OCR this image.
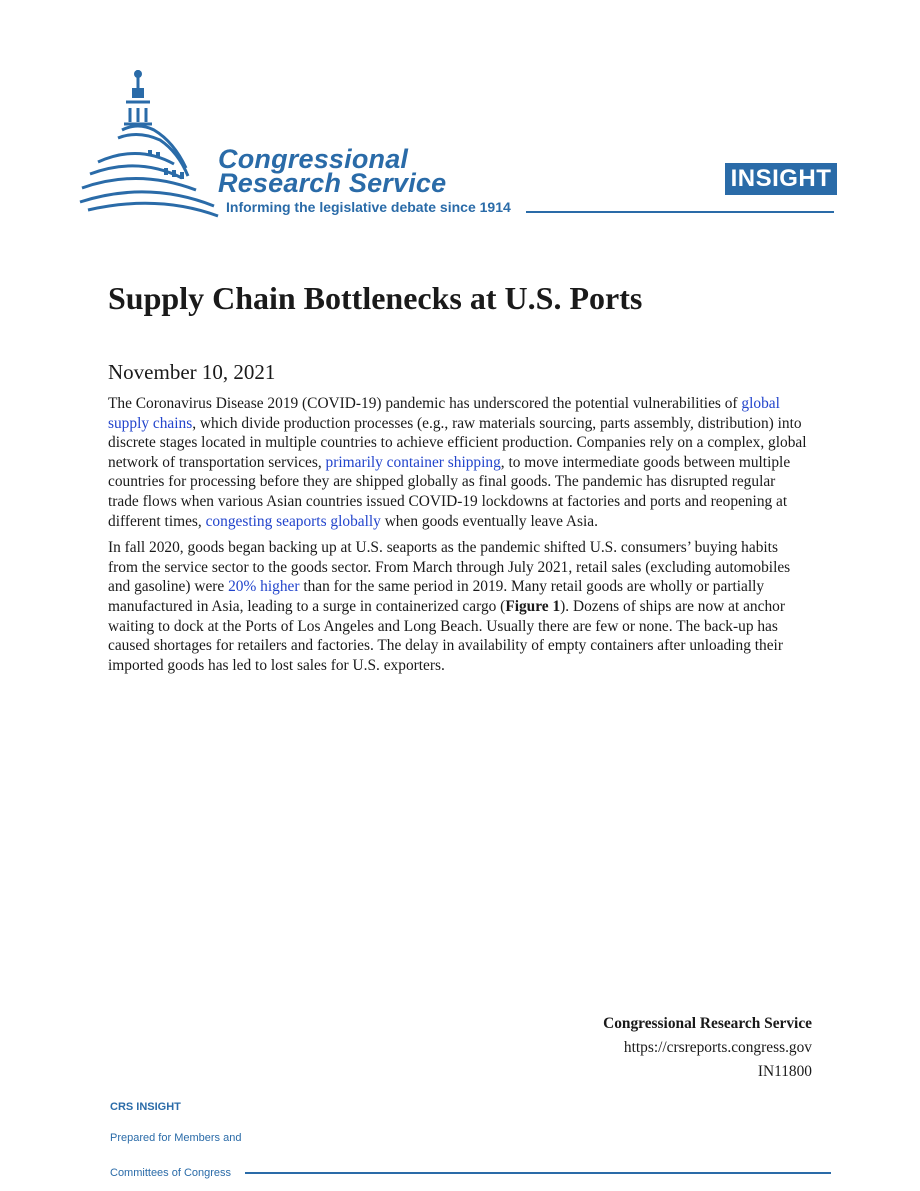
Congressional
Research Service
Informing the legislative debate since 1914
INSIGHT
Supply Chain Bottlenecks at U.S. Ports
November 10, 2021

The Coronavirus Disease 2019 (COVID-19) pandemic has underscored the potential vulnerabilities of global supply chains, which divide production processes (e.g., raw materials sourcing, parts assembly, distribution) into discrete stages located in multiple countries to achieve efficient production. Companies rely on a complex, global network of transportation services, primarily container shipping, to move intermediate goods between multiple countries for processing before they are shipped globally as final goods. The pandemic has disrupted regular trade flows when various Asian countries issued COVID-19 lockdowns at factories and ports and reopening at different times, congesting seaports globally when goods eventually leave Asia.

In fall 2020, goods began backing up at U.S. seaports as the pandemic shifted U.S. consumers’ buying habits from the service sector to the goods sector. From March through July 2021, retail sales (excluding automobiles and gasoline) were 20% higher than for the same period in 2019. Many retail goods are wholly or partially manufactured in Asia, leading to a surge in containerized cargo (Figure 1). Dozens of ships are now at anchor waiting to dock at the Ports of Los Angeles and Long Beach. Usually there are few or none. The back-up has caused shortages for retailers and factories. The delay in availability of empty containers after unloading their imported goods has led to lost sales for U.S. exporters.

Congressional Research Service
https://crsreports.congress.gov
IN11800
CRS INSIGHT
Prepared for Members and
Committees of Congress
